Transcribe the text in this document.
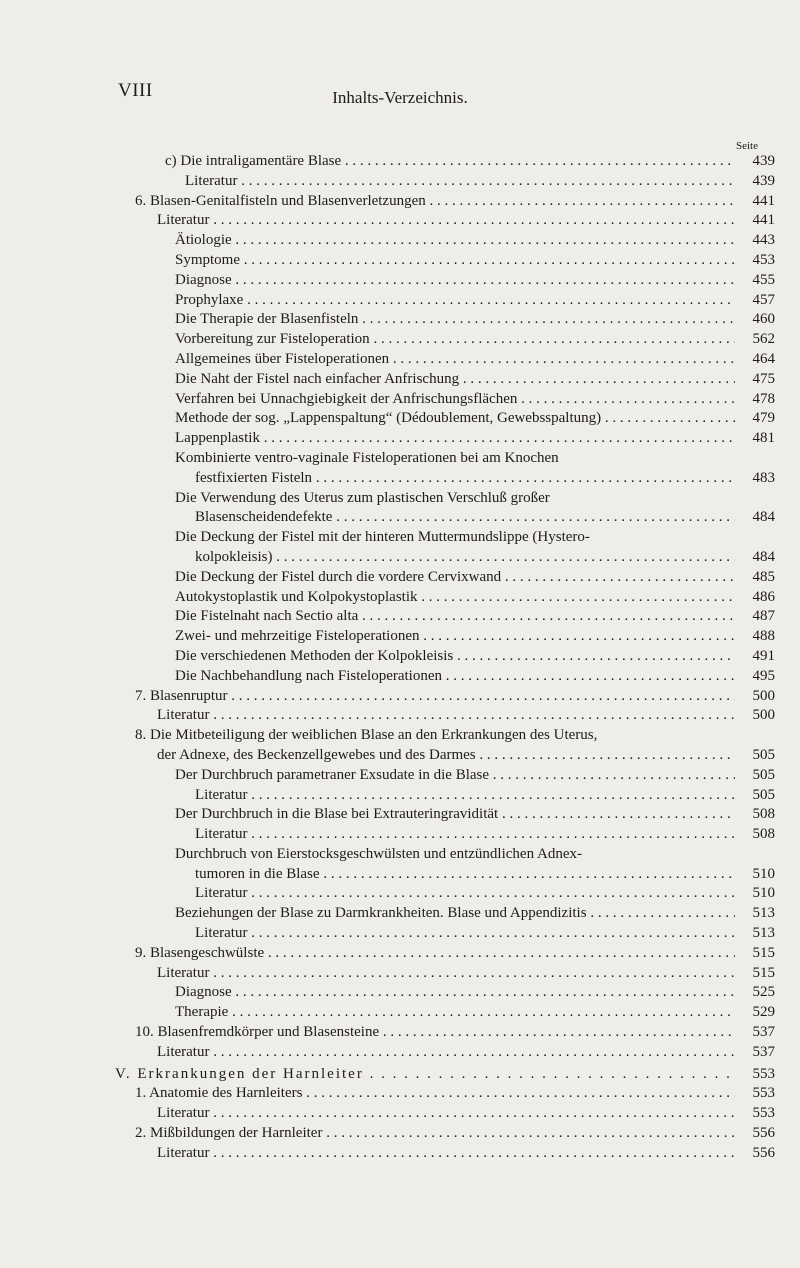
VIII	Inhalts-Verzeichnis.
Seite
c) Die intraligamentäre Blase . . .	439
Literatur . . .	439
6. Blasen-Genitalfisteln und Blasenverletzungen . . .	441
Literatur . . .	441
Ätiologie . . .	443
Symptome . . .	453
Diagnose . . .	455
Prophylaxe . . .	457
Die Therapie der Blasenfisteln . . .	460
Vorbereitung zur Fisteloperation . . .	562
Allgemeines über Fisteloperationen . . .	464
Die Naht der Fistel nach einfacher Anfrischung . . .	475
Verfahren bei Unnachgiebigkeit der Anfrischungsflächen . . .	478
Methode der sog. „Lappenspaltung“ (Dédoublement, Gewebsspaltung) . . .	479
Lappenplastik . . .	481
Kombinierte ventro-vaginale Fisteloperationen bei am Knochen
festfixierten Fisteln . . .	483
Die Verwendung des Uterus zum plastischen Verschluß großer
Blasenscheidendefekte . . .	484
Die Deckung der Fistel mit der hinteren Muttermundslippe (Hystero-
kolpokleisis) . . .	484
Die Deckung der Fistel durch die vordere Cervixwand . . .	485
Autokystoplastik und Kolpokystoplastik . . .	486
Die Fistelnaht nach Sectio alta . . .	487
Zwei- und mehrzeitige Fisteloperationen . . .	488
Die verschiedenen Methoden der Kolpokleisis . . .	491
Die Nachbehandlung nach Fisteloperationen . . .	495
7. Blasenruptur . . .	500
Literatur . . .	500
8. Die Mitbeteiligung der weiblichen Blase an den Erkrankungen des Uterus,
der Adnexe, des Beckenzellgewebes und des Darmes . . .	505
Der Durchbruch parametraner Exsudate in die Blase . . .	505
Literatur . . .	505
Der Durchbruch in die Blase bei Extrauteringravidität . . .	508
Literatur . . .	508
Durchbruch von Eierstocksgeschwülsten und entzündlichen Adnex-
tumoren in die Blase . . .	510
Literatur . . .	510
Beziehungen der Blase zu Darmkrankheiten. Blase und Appendizitis . . .	513
Literatur . . .	513
9. Blasengeschwülste . . .	515
Literatur . . .	515
Diagnose . . .	525
Therapie . . .	529
10. Blasenfremdkörper und Blasensteine . . .	537
Literatur . . .	537
V. Erkrankungen der Harnleiter . . .	553
1. Anatomie des Harnleiters . . .	553
Literatur . . .	553
2. Mißbildungen der Harnleiter . . .	556
Literatur . . .	556
